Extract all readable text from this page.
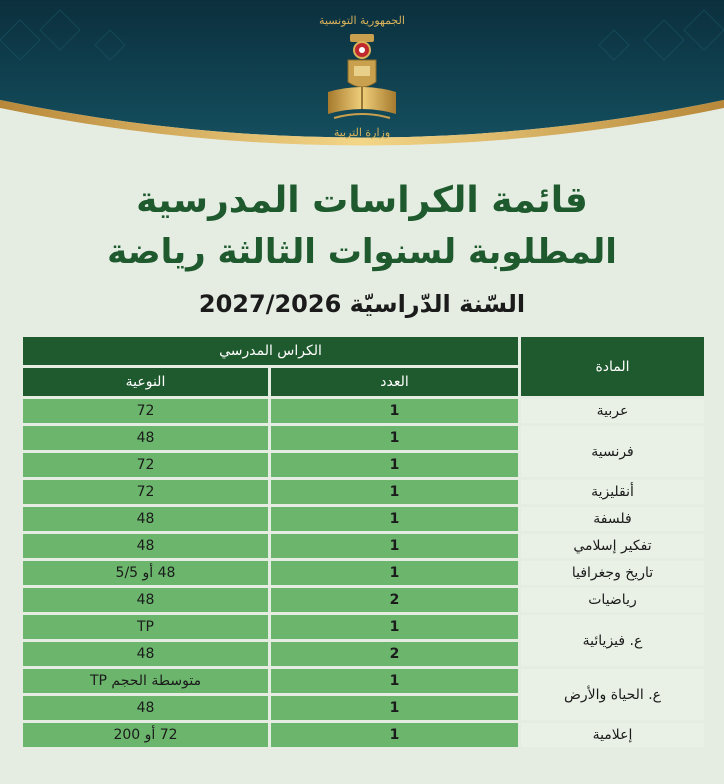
الجمهورية التونسية
وزارة التربية
قائمة الكراسات المدرسية
المطلوبة لسنوات الثالثة رياضة
السّنة الدّراسيّة 2027/2026
المادة	الكراس المدرسي	
	العدد	النوعية
عربية	1	72
فرنسية	1	48
	1	72
أنقليزية	1	72
فلسفة	1	48
تفكير إسلامي	1	48
تاريخ وجغرافيا	1	48 أو 5/5
رياضيات	2	48
ع. فيزيائية	1	TP
	2	48
ع. الحياة والأرض	1	متوسطة الحجم TP
	1	48
إعلامية	1	72 أو 200
